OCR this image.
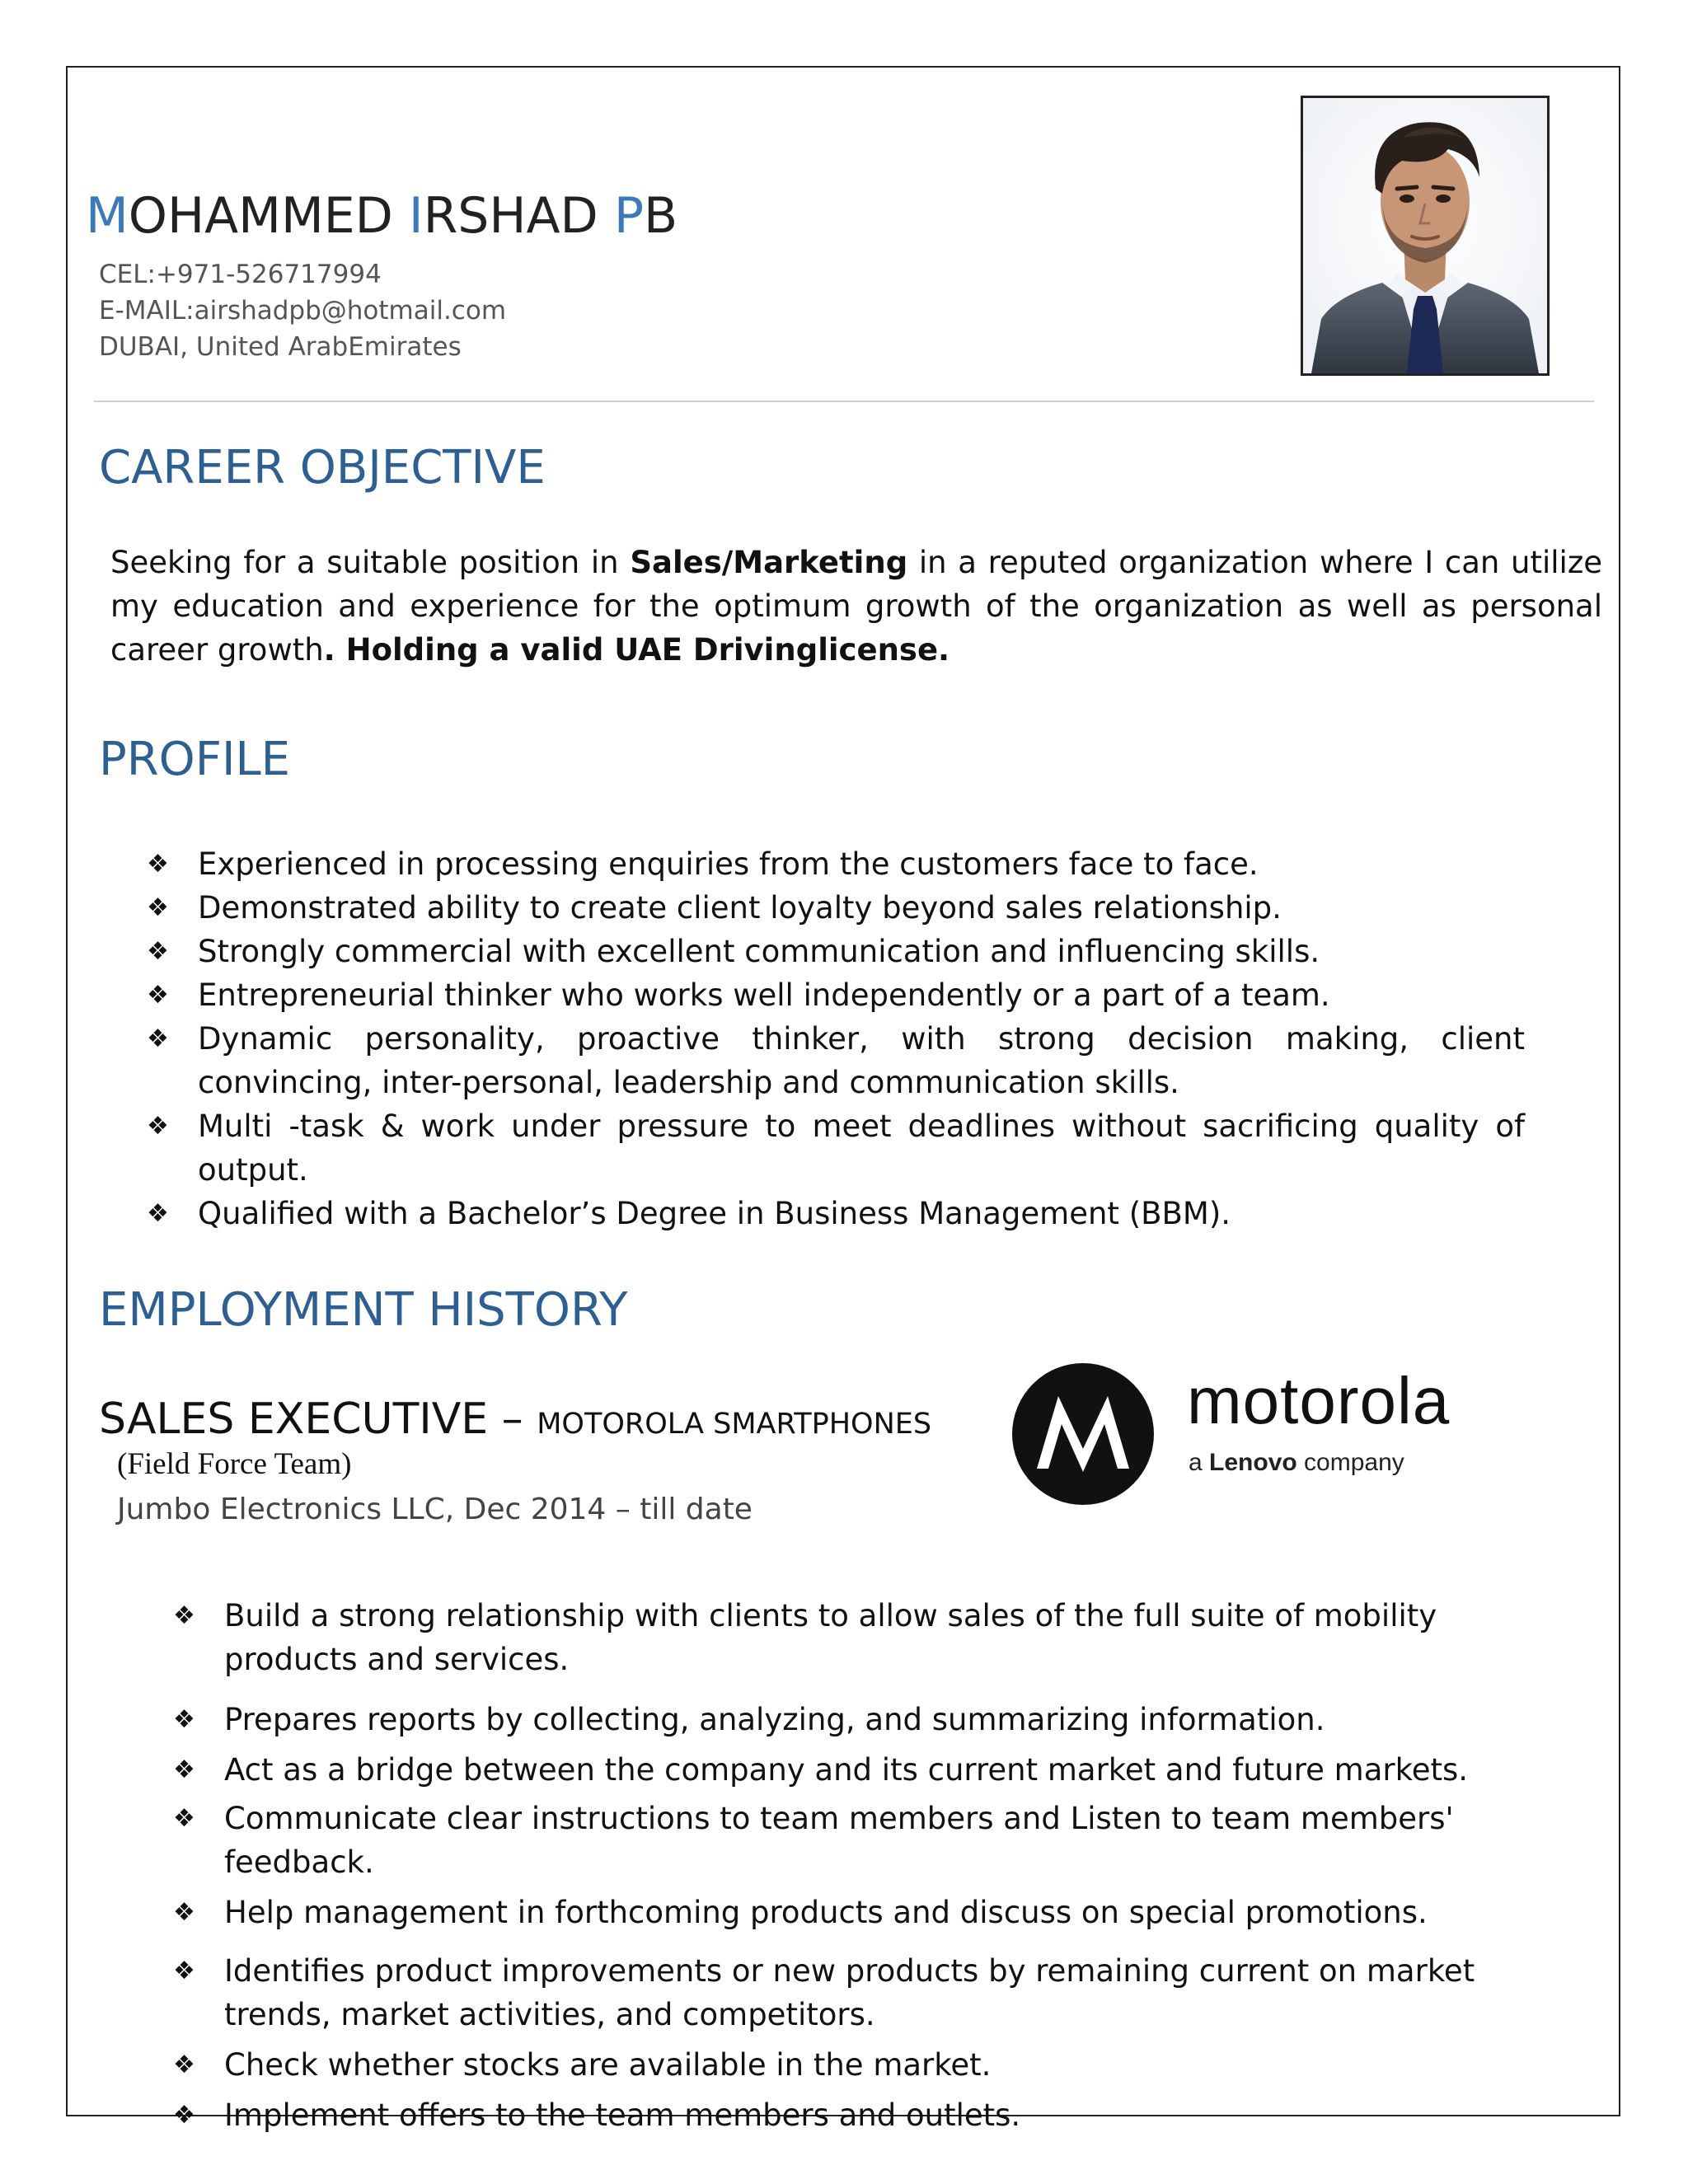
MOHAMMED IRSHAD PB
CEL:+971-526717994
E-MAIL:airshadpb@hotmail.com
DUBAI, United ArabEmirates
CAREER OBJECTIVE
Seeking for a suitable position in Sales/Marketing in a reputed organization where I can utilize my education and experience for the optimum growth of the organization as well as personal career growth. Holding a valid UAE Drivinglicense.
PROFILE
❖ Experienced in processing enquiries from the customers face to face.
❖ Demonstrated ability to create client loyalty beyond sales relationship.
❖ Strongly commercial with excellent communication and influencing skills.
❖ Entrepreneurial thinker who works well independently or a part of a team.
❖ Dynamic personality, proactive thinker, with strong decision making, client convincing, inter-personal, leadership and communication skills.
❖ Multi -task & work under pressure to meet deadlines without sacrificing quality of output.
❖ Qualified with a Bachelor’s Degree in Business Management (BBM).
EMPLOYMENT HISTORY
SALES EXECUTIVE – MOTOROLA SMARTPHONES
(Field Force Team)
Jumbo Electronics LLC, Dec 2014 – till date
motorola
a Lenovo company
❖ Build a strong relationship with clients to allow sales of the full suite of mobility products and services.
❖ Prepares reports by collecting, analyzing, and summarizing information.
❖ Act as a bridge between the company and its current market and future markets.
❖ Communicate clear instructions to team members and Listen to team members' feedback.
❖ Help management in forthcoming products and discuss on special promotions.
❖ Identifies product improvements or new products by remaining current on market trends, market activities, and competitors.
❖ Check whether stocks are available in the market.
❖ Implement offers to the team members and outlets.
